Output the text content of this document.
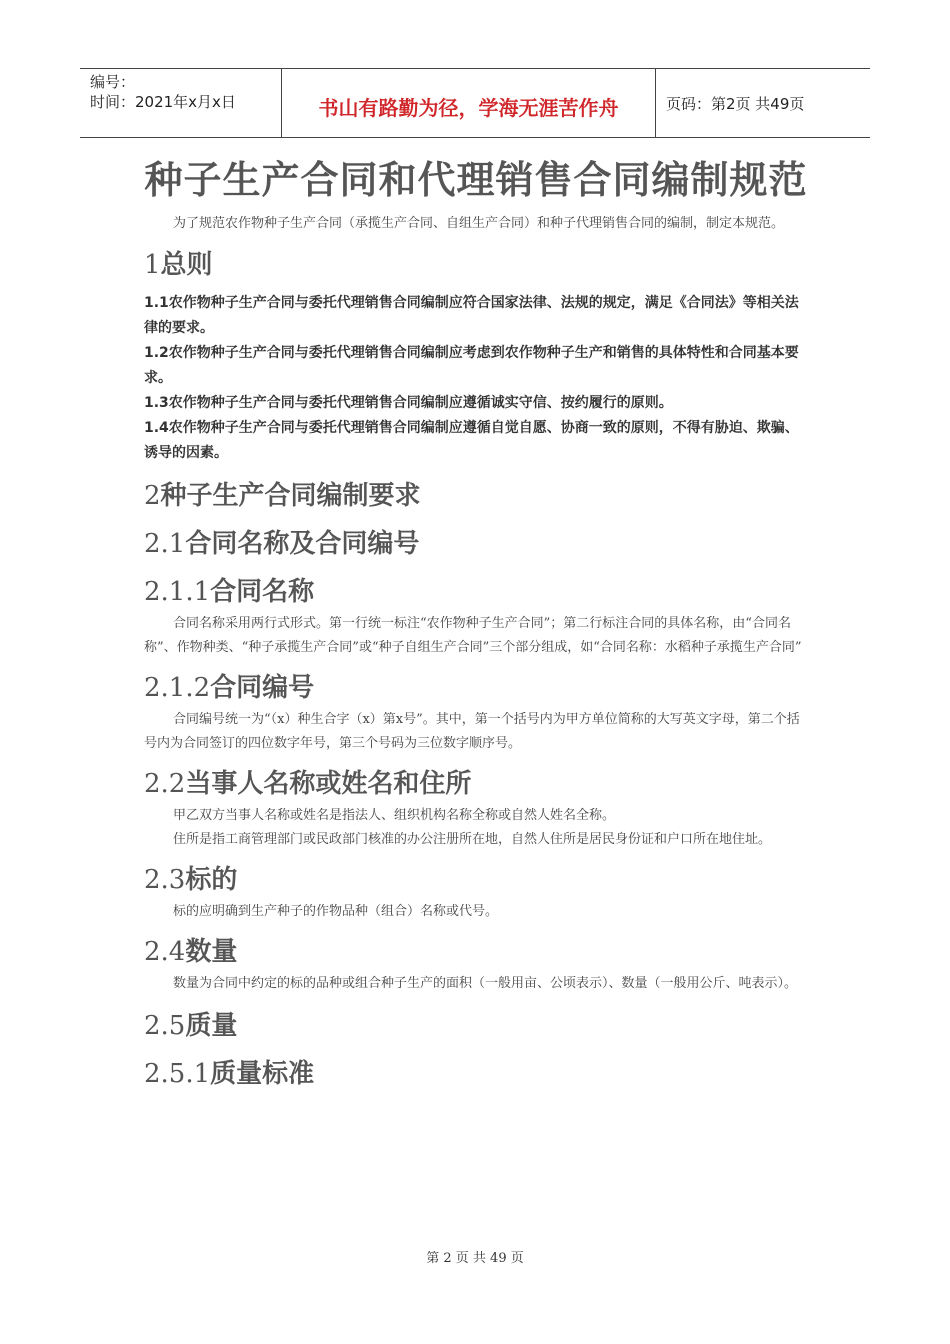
编号：
时间：2021年x月x日	书山有路勤为径，学海无涯苦作舟	页码：第2页 共49页
种子生产合同和代理销售合同编制规范

为了规范农作物种子生产合同（承揽生产合同、自组生产合同）和种子代理销售合同的编制，制定本规范。

1总则

1.1农作物种子生产合同与委托代理销售合同编制应符合国家法律、法规的规定，满足《合同法》等相关法律的要求。

1.2农作物种子生产合同与委托代理销售合同编制应考虑到农作物种子生产和销售的具体特性和合同基本要求。

1.3农作物种子生产合同与委托代理销售合同编制应遵循诚实守信、按约履行的原则。

1.4农作物种子生产合同与委托代理销售合同编制应遵循自觉自愿、协商一致的原则，不得有胁迫、欺骗、诱导的因素。

2种子生产合同编制要求
2.1合同名称及合同编号
2.1.1合同名称

合同名称采用两行式形式。第一行统一标注“农作物种子生产合同”；第二行标注合同的具体名称，由“合同名称”、作物种类、“种子承揽生产合同”或“种子自组生产合同”三个部分组成，如“合同名称：水稻种子承揽生产合同”

2.1.2合同编号

合同编号统一为“（x）种生合字（x）第x号”。其中，第一个括号内为甲方单位简称的大写英文字母，第二个括号内为合同签订的四位数字年号，第三个号码为三位数字顺序号。

2.2当事人名称或姓名和住所

甲乙双方当事人名称或姓名是指法人、组织机构名称全称或自然人姓名全称。

住所是指工商管理部门或民政部门核准的办公注册所在地，自然人住所是居民身份证和户口所在地住址。

2.3标的

标的应明确到生产种子的作物品种（组合）名称或代号。

2.4数量

数量为合同中约定的标的品种或组合种子生产的面积（一般用亩、公顷表示）、数量（一般用公斤、吨表示）。

2.5质量
2.5.1质量标准
第 2 页 共 49 页
